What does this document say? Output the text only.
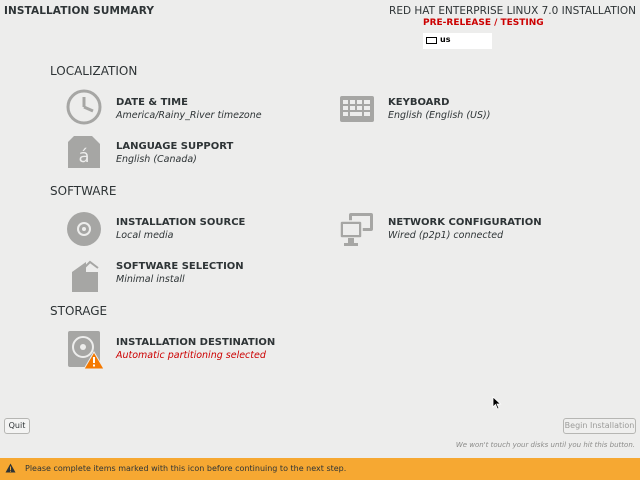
INSTALLATION SUMMARY	RED HAT ENTERPRISE LINUX 7.0 INSTALLATION
PRE-RELEASE / TESTING
us
LOCALIZATION
DATE & TIME
America/Rainy_River timezone
KEYBOARD
English (English (US))
á	LANGUAGE SUPPORT
English (Canada)
SOFTWARE
INSTALLATION SOURCE
Local media
NETWORK CONFIGURATION
Wired (p2p1) connected
SOFTWARE SELECTION
Minimal install
STORAGE
INSTALLATION DESTINATION
Automatic partitioning selected
Quit	Begin Installation
We won't touch your disks until you hit this button.
Please complete items marked with this icon before continuing to the next step.
